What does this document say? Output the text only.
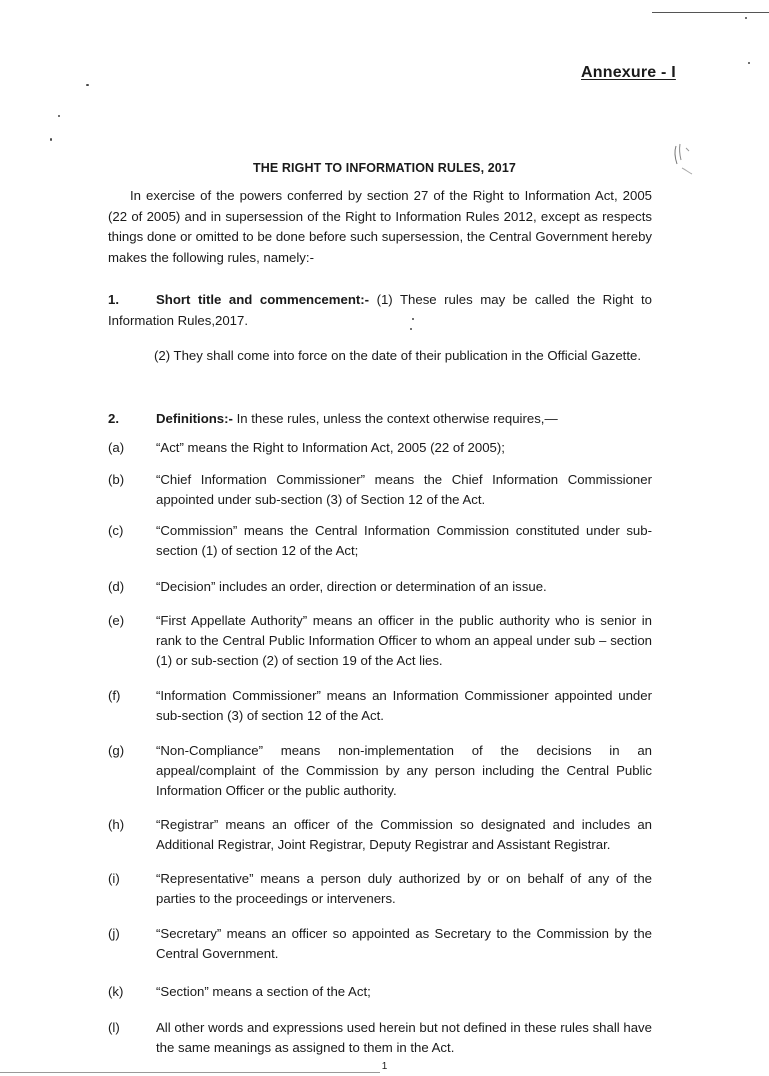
Annexure - I
THE RIGHT TO INFORMATION RULES, 2017
In exercise of the powers conferred by section 27 of the Right to Information Act, 2005 (22 of 2005) and in supersession of the Right to Information Rules 2012, except as respects things done or omitted to be done before such supersession, the Central Government hereby makes the following rules, namely:-
1.	Short title and commencement:- (1) These rules may be called the Right to Information Rules,2017.
(2) They shall come into force on the date of their publication in the Official Gazette.
2.	Definitions:- In these rules, unless the context otherwise requires,—
(a)	“Act” means the Right to Information Act, 2005 (22 of 2005);
(b)	“Chief Information Commissioner” means the Chief Information Commissioner appointed under sub-section (3) of Section 12 of the Act.
(c)	“Commission” means the Central Information Commission constituted under sub-section (1) of section 12 of the Act;
(d)	“Decision” includes an order, direction or determination of an issue.
(e)	“First Appellate Authority” means an officer in the public authority who is senior in rank to the Central Public Information Officer to whom an appeal under sub – section (1) or sub-section (2) of section 19 of the Act lies.
(f)	“Information Commissioner” means an Information Commissioner appointed under sub-section (3) of section 12 of the Act.
(g)	“Non-Compliance” means non-implementation of the decisions in an appeal/complaint of the Commission by any person including the Central Public Information Officer or the public authority.
(h)	“Registrar” means an officer of the Commission so designated and includes an Additional Registrar, Joint Registrar, Deputy Registrar and Assistant Registrar.
(i)	“Representative” means a person duly authorized by or on behalf of any of the parties to the proceedings or interveners.
(j)	“Secretary” means an officer so appointed as Secretary to the Commission by the Central Government.
(k)	“Section” means a section of the Act;
(l)	All other words and expressions used herein but not defined in these rules shall have the same meanings as assigned to them in the Act.
1
